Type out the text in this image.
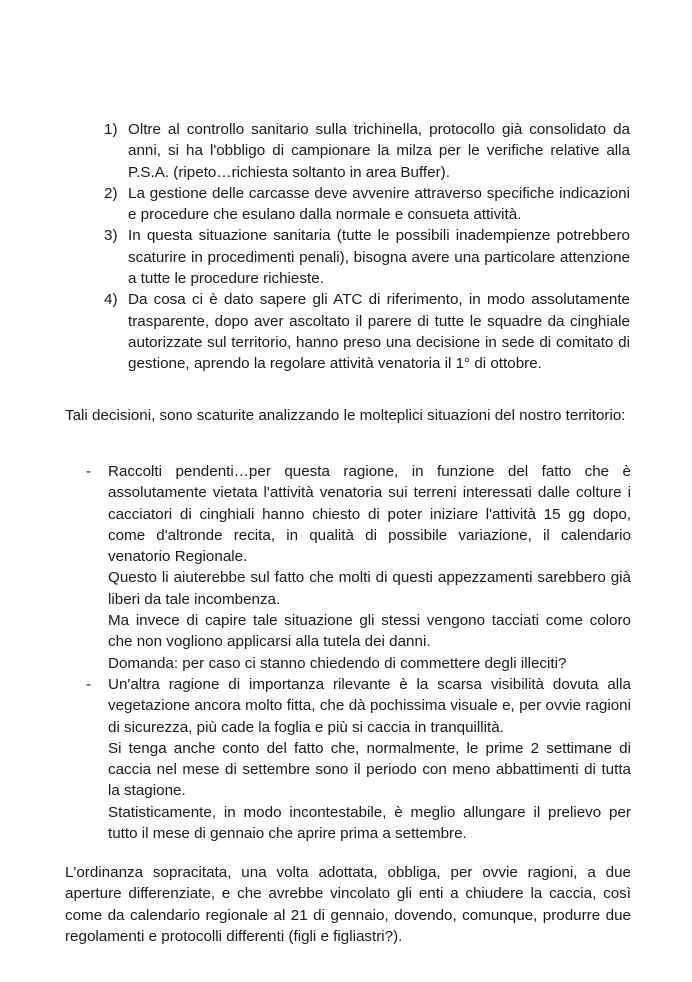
1) Oltre al controllo sanitario sulla trichinella, protocollo già consolidato da anni, si ha l'obbligo di campionare la milza per le verifiche relative alla P.S.A. (ripeto…richiesta soltanto in area Buffer).
2) La gestione delle carcasse deve avvenire attraverso specifiche indicazioni e procedure che esulano dalla normale e consueta attività.
3) In questa situazione sanitaria (tutte le possibili inadempienze potrebbero scaturire in procedimenti penali), bisogna avere una particolare attenzione a tutte le procedure richieste.
4) Da cosa ci è dato sapere gli ATC di riferimento, in modo assolutamente trasparente, dopo aver ascoltato il parere di tutte le squadre da cinghiale autorizzate sul territorio, hanno preso una decisione in sede di comitato di gestione, aprendo la regolare attività venatoria il 1° di ottobre.

Tali decisioni, sono scaturite analizzando le molteplici situazioni del nostro territorio:

- Raccolti pendenti…per questa ragione, in funzione del fatto che è assolutamente vietata l'attività venatoria sui terreni interessati dalle colture i cacciatori di cinghiali hanno chiesto di poter iniziare l'attività 15 gg dopo, come d'altronde recita, in qualità di possibile variazione, il calendario venatorio Regionale.

Questo li aiuterebbe sul fatto che molti di questi appezzamenti sarebbero già liberi da tale incombenza.

Ma invece di capire tale situazione gli stessi vengono tacciati come coloro che non vogliono applicarsi alla tutela dei danni.

Domanda: per caso ci stanno chiedendo di commettere degli illeciti?

- Un'altra ragione di importanza rilevante è la scarsa visibilità dovuta alla vegetazione ancora molto fitta, che dà pochissima visuale e, per ovvie ragioni di sicurezza, più cade la foglia e più si caccia in tranquillità.

Si tenga anche conto del fatto che, normalmente, le prime 2 settimane di caccia nel mese di settembre sono il periodo con meno abbattimenti di tutta la stagione.

Statisticamente, in modo incontestabile, è meglio allungare il prelievo per tutto il mese di gennaio che aprire prima a settembre.

L'ordinanza sopracitata, una volta adottata, obbliga, per ovvie ragioni, a due aperture differenziate, e che avrebbe vincolato gli enti a chiudere la caccia, così come da calendario regionale al 21 di gennaio, dovendo, comunque, produrre due regolamenti e protocolli differenti (figli e figliastri?).
